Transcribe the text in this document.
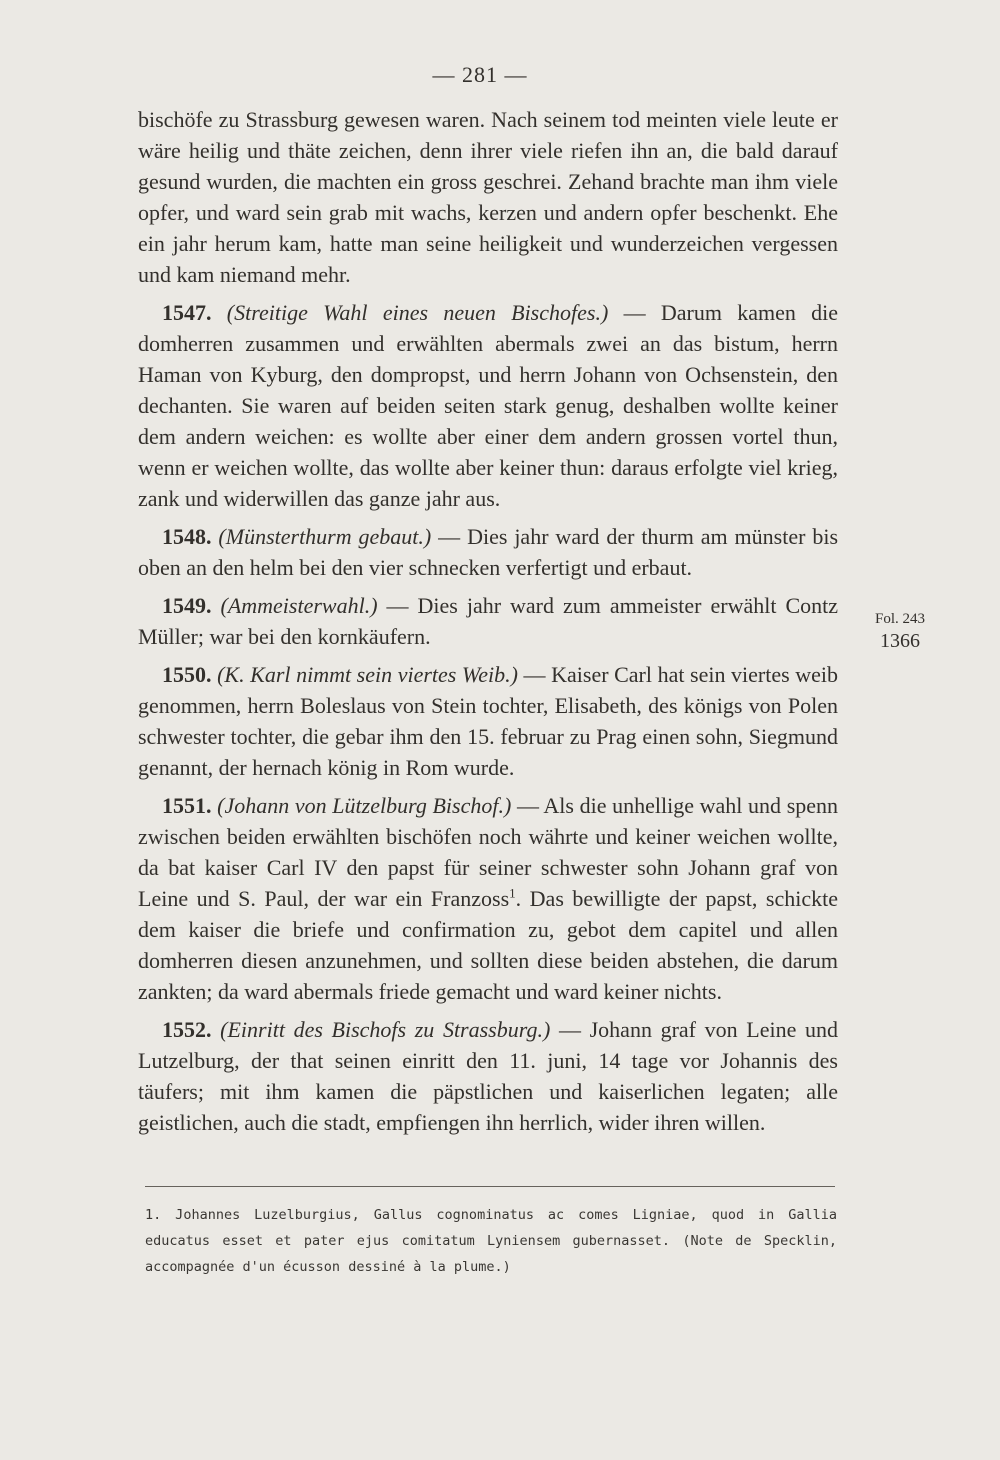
— 281 —

bischöfe zu Strassburg gewesen waren. Nach seinem tod meinten viele leute er wäre heilig und thäte zeichen, denn ihrer viele riefen ihn an, die bald darauf gesund wurden, die machten ein gross geschrei. Zehand brachte man ihm viele opfer, und ward sein grab mit wachs, kerzen und andern opfer beschenkt. Ehe ein jahr herum kam, hatte man seine heiligkeit und wunderzeichen vergessen und kam niemand mehr.

1547. (Streitige Wahl eines neuen Bischofes.) — Darum kamen die domherren zusammen und erwählten abermals zwei an das bistum, herrn Haman von Kyburg, den dompropst, und herrn Johann von Ochsenstein, den dechanten. Sie waren auf beiden seiten stark genug, deshalben wollte keiner dem andern weichen: es wollte aber einer dem andern grossen vortel thun, wenn er weichen wollte, das wollte aber keiner thun: daraus erfolgte viel krieg, zank und widerwillen das ganze jahr aus.

1548. (Münsterthurm gebaut.) — Dies jahr ward der thurm am münster bis oben an den helm bei den vier schnecken verfertigt und erbaut.

1549. (Ammeisterwahl.) — Dies jahr ward zum ammeister erwählt Contz Müller; war bei den kornkäufern.

1550. (K. Karl nimmt sein viertes Weib.) — Kaiser Carl hat sein viertes weib genommen, herrn Boleslaus von Stein tochter, Elisabeth, des königs von Polen schwester tochter, die gebar ihm den 15. februar zu Prag einen sohn, Siegmund genannt, der hernach könig in Rom wurde.

1551. (Johann von Lützelburg Bischof.) — Als die unhellige wahl und spenn zwischen beiden erwählten bischöfen noch währte und keiner weichen wollte, da bat kaiser Carl IV den papst für seiner schwester sohn Johann graf von Leine und S. Paul, der war ein Franzoss$^1$. Das bewilligte der papst, schickte dem kaiser die briefe und confirmation zu, gebot dem capitel und allen domherren diesen anzunehmen, und sollten diese beiden abstehen, die darum zankten; da ward abermals friede gemacht und ward keiner nichts.

1552. (Einritt des Bischofs zu Strassburg.) — Johann graf von Leine und Lutzelburg, der that seinen einritt den 11. juni, 14 tage vor Johannis des täufers; mit ihm kamen die päpstlichen und kaiserlichen legaten; alle geistlichen, auch die stadt, empfiengen ihn herrlich, wider ihren willen.

Fol. 243
1366

1. Johannes Luzelburgius, Gallus cognominatus ac comes Ligniae, quod in Gallia educatus esset et pater ejus comitatum Lyniensem gubernasset. (Note de Specklin, accompagnée d'un écusson dessiné à la plume.)
